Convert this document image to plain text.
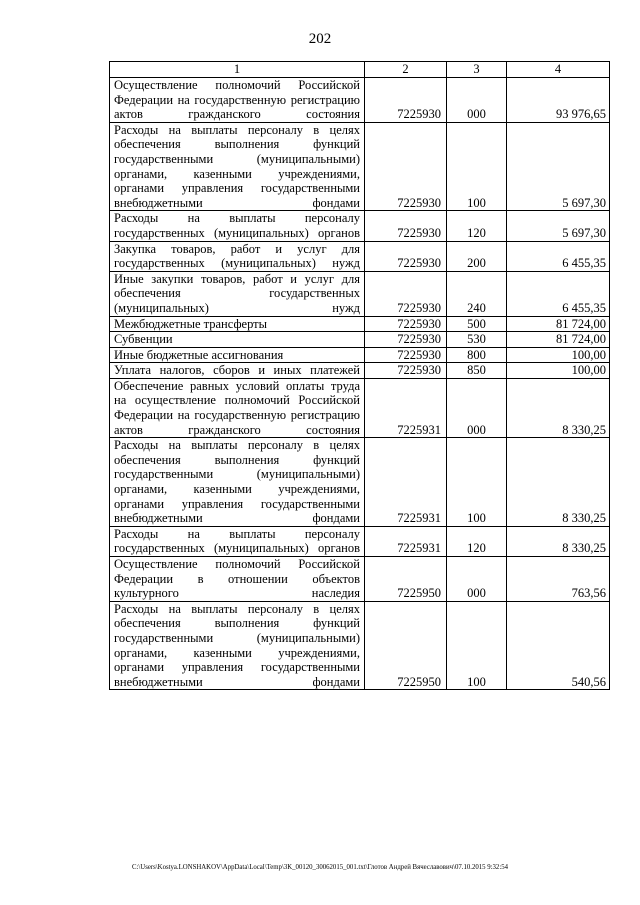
202
1	2	3	4
Осуществление полномочий Российской Федерации на государственную регистрацию актов гражданского состояния	7225930	000	93 976,65
Расходы на выплаты персоналу в целях обеспечения выполнения функций государственными (муниципальными) органами, казенными учреждениями, органами управления государственными внебюджетными фондами	7225930	100	5 697,30
Расходы на выплаты персоналу государственных (муниципальных) органов	7225930	120	5 697,30
Закупка товаров, работ и услуг для государственных (муниципальных) нужд	7225930	200	6 455,35
Иные закупки товаров, работ и услуг для обеспечения государственных (муниципальных) нужд	7225930	240	6 455,35
Межбюджетные трансферты	7225930	500	81 724,00
Субвенции	7225930	530	81 724,00
Иные бюджетные ассигнования	7225930	800	100,00
Уплата налогов, сборов и иных платежей	7225930	850	100,00
Обеспечение равных условий оплаты труда на осуществление полномочий Российской Федерации на государственную регистрацию актов гражданского состояния	7225931	000	8 330,25
Расходы на выплаты персоналу в целях обеспечения выполнения функций государственными (муниципальными) органами, казенными учреждениями, органами управления государственными внебюджетными фондами	7225931	100	8 330,25
Расходы на выплаты персоналу государственных (муниципальных) органов	7225931	120	8 330,25
Осуществление полномочий Российской Федерации в отношении объектов культурного наследия	7225950	000	763,56
Расходы на выплаты персоналу в целях обеспечения выполнения функций государственными (муниципальными) органами, казенными учреждениями, органами управления государственными внебюджетными фондами	7225950	100	540,56
C:\Users\Kostya.LONSHAKOV\AppData\Local\Temp\3K_00120_30062015_001.txt\Глотов Андрей Вячеславович\07.10.2015 9:32:54
